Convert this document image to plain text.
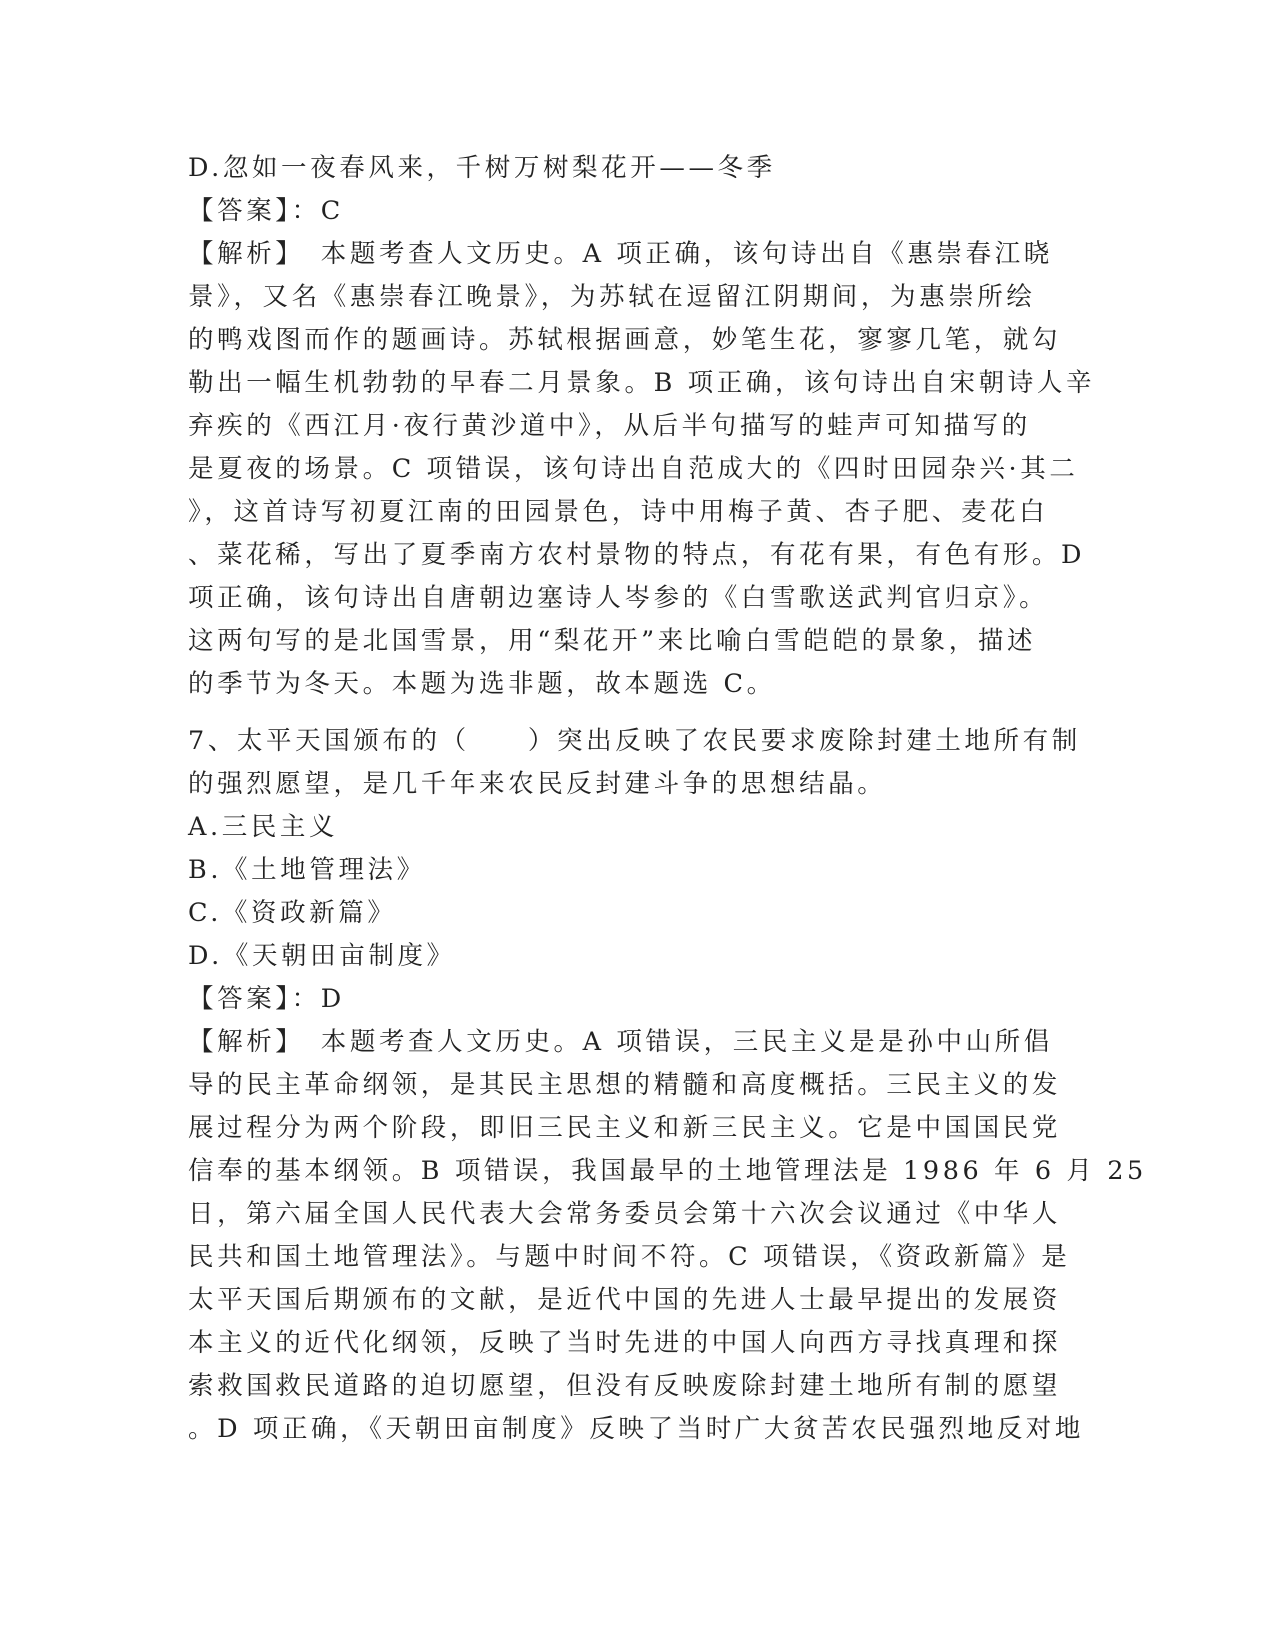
D.忽如一夜春风来，千树万树梨花开——冬季
【答案】：C
【解析】　本题考查人文历史。A 项正确，该句诗出自《惠崇春江晓
景》，又名《惠崇春江晚景》，为苏轼在逗留江阴期间，为惠崇所绘
的鸭戏图而作的题画诗。苏轼根据画意，妙笔生花，寥寥几笔，就勾
勒出一幅生机勃勃的早春二月景象。B 项正确，该句诗出自宋朝诗人辛
弃疾的《西江月·夜行黄沙道中》，从后半句描写的蛙声可知描写的
是夏夜的场景。C 项错误，该句诗出自范成大的《四时田园杂兴·其二
》，这首诗写初夏江南的田园景色，诗中用梅子黄、杏子肥、麦花白
、菜花稀，写出了夏季南方农村景物的特点，有花有果，有色有形。D
项正确，该句诗出自唐朝边塞诗人岑参的《白雪歌送武判官归京》。
这两句写的是北国雪景，用“梨花开”来比喻白雪皑皑的景象，描述
的季节为冬天。本题为选非题，故本题选 C。
7、太平天国颁布的（　　）突出反映了农民要求废除封建土地所有制
的强烈愿望，是几千年来农民反封建斗争的思想结晶。
A.三民主义
B.《土地管理法》
C.《资政新篇》
D.《天朝田亩制度》
【答案】：D
【解析】　本题考查人文历史。A 项错误，三民主义是是孙中山所倡
导的民主革命纲领，是其民主思想的精髓和高度概括。三民主义的发
展过程分为两个阶段，即旧三民主义和新三民主义。它是中国国民党
信奉的基本纲领。B 项错误，我国最早的土地管理法是 1986 年 6 月 25
日，第六届全国人民代表大会常务委员会第十六次会议通过《中华人
民共和国土地管理法》。与题中时间不符。C 项错误，《资政新篇》是
太平天国后期颁布的文献，是近代中国的先进人士最早提出的发展资
本主义的近代化纲领，反映了当时先进的中国人向西方寻找真理和探
索救国救民道路的迫切愿望，但没有反映废除封建土地所有制的愿望
。D 项正确，《天朝田亩制度》反映了当时广大贫苦农民强烈地反对地
